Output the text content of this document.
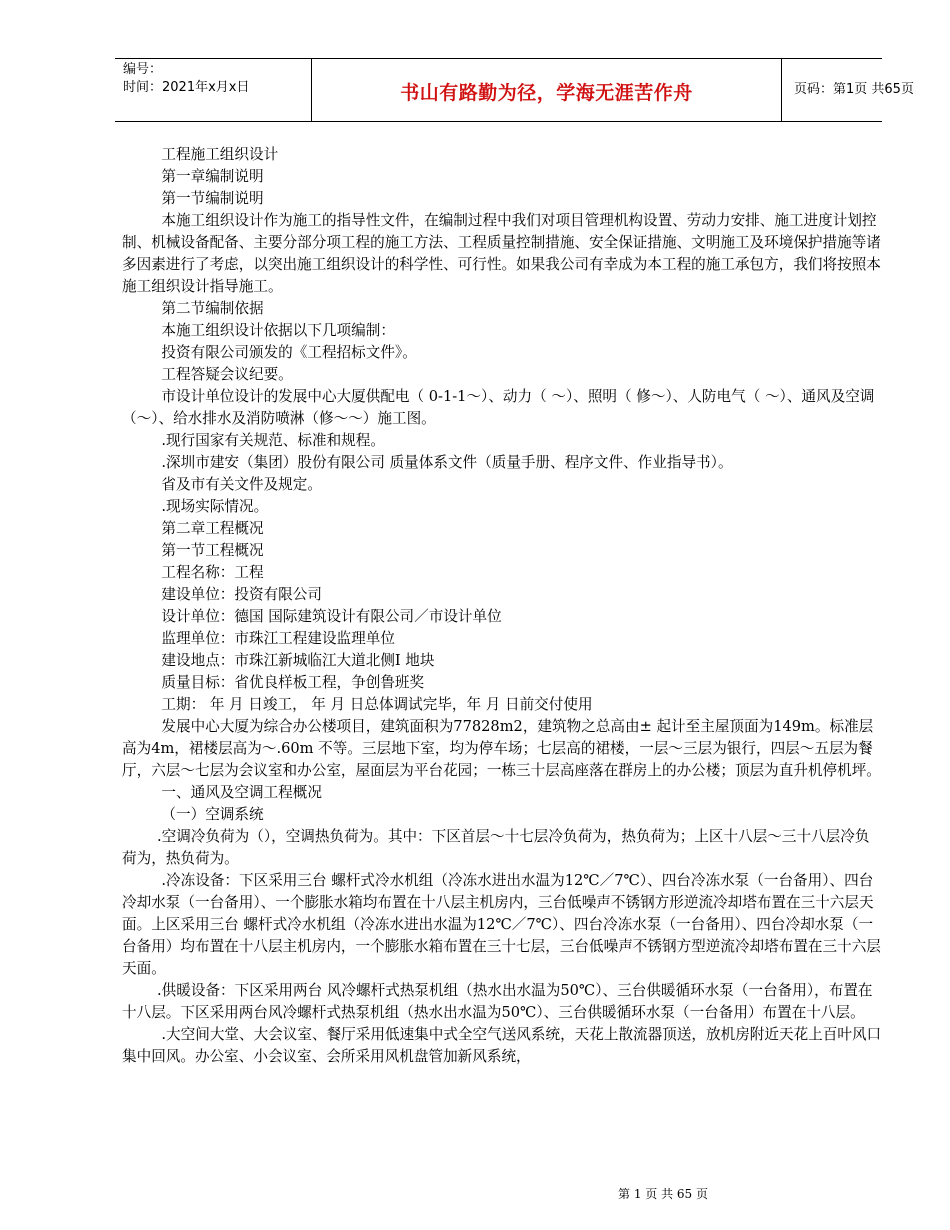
编号：
时间：2021年x月x日	书山有路勤为径，学海无涯苦作舟	页码：第1页 共65页

工程施工组织设计

第一章编制说明

第一节编制说明

本施工组织设计作为施工的指导性文件，在编制过程中我们对项目管理机构设置、劳动力安排、施工进度计划控制、机械设备配备、主要分部分项工程的施工方法、工程质量控制措施、安全保证措施、文明施工及环境保护措施等诸多因素进行了考虑，以突出施工组织设计的科学性、可行性。如果我公司有幸成为本工程的施工承包方，我们将按照本施工组织设计指导施工。

第二节编制依据

本施工组织设计依据以下几项编制：

投资有限公司颁发的《工程招标文件》。

工程答疑会议纪要。

市设计单位设计的发展中心大厦供配电（ 0-1-1～）、动力（ ～）、照明（ 修～）、人防电气（ ～）、通风及空调（～）、给水排水及消防喷淋（修～～）施工图。

.现行国家有关规范、标准和规程。

.深圳市建安（集团）股份有限公司 质量体系文件（质量手册、程序文件、作业指导书）。

省及市有关文件及规定。

.现场实际情况。

第二章工程概况

第一节工程概况

工程名称：工程

建设单位：投资有限公司

设计单位：德国 国际建筑设计有限公司／市设计单位

监理单位：市珠江工程建设监理单位

建设地点：市珠江新城临江大道北侧Ⅰ 地块

质量目标：省优良样板工程，争创鲁班奖

工期： 年 月 日竣工， 年 月 日总体调试完毕，年 月 日前交付使用

发展中心大厦为综合办公楼项目，建筑面积为77828m2，建筑物之总高由± 起计至主屋顶面为149m。标准层高为4m，裙楼层高为～.60m 不等。三层地下室，均为停车场；七层高的裙楼，一层～三层为银行，四层～五层为餐厅，六层～七层为会议室和办公室，屋面层为平台花园；一栋三十层高座落在群房上的办公楼；顶层为直升机停机坪。

一、通风及空调工程概况

（一）空调系统

.空调冷负荷为（），空调热负荷为。其中：下区首层～十七层冷负荷为，热负荷为；上区十八层～三十八层冷负荷为，热负荷为。

.冷冻设备：下区采用三台 螺杆式冷水机组（冷冻水进出水温为12℃／7℃）、四台冷冻水泵（一台备用）、四台冷却水泵（一台备用）、一个膨胀水箱均布置在十八层主机房内，三台低噪声不锈钢方形逆流冷却塔布置在三十六层天面。上区采用三台 螺杆式冷水机组（冷冻水进出水温为12℃／7℃）、四台冷冻水泵（一台备用）、四台冷却水泵（一台备用）均布置在十八层主机房内，一个膨胀水箱布置在三十七层，三台低噪声不锈钢方型逆流冷却塔布置在三十六层天面。

.供暖设备：下区采用两台 风冷螺杆式热泵机组（热水出水温为50℃）、三台供暖循环水泵（一台备用），布置在十八层。下区采用两台风冷螺杆式热泵机组（热水出水温为50℃）、三台供暖循环水泵（一台备用）布置在十八层。

.大空间大堂、大会议室、餐厅采用低速集中式全空气送风系统，天花上散流器顶送，放机房附近天花上百叶风口集中回风。办公室、小会议室、会所采用风机盘管加新风系统，

第 1 页 共 65 页
